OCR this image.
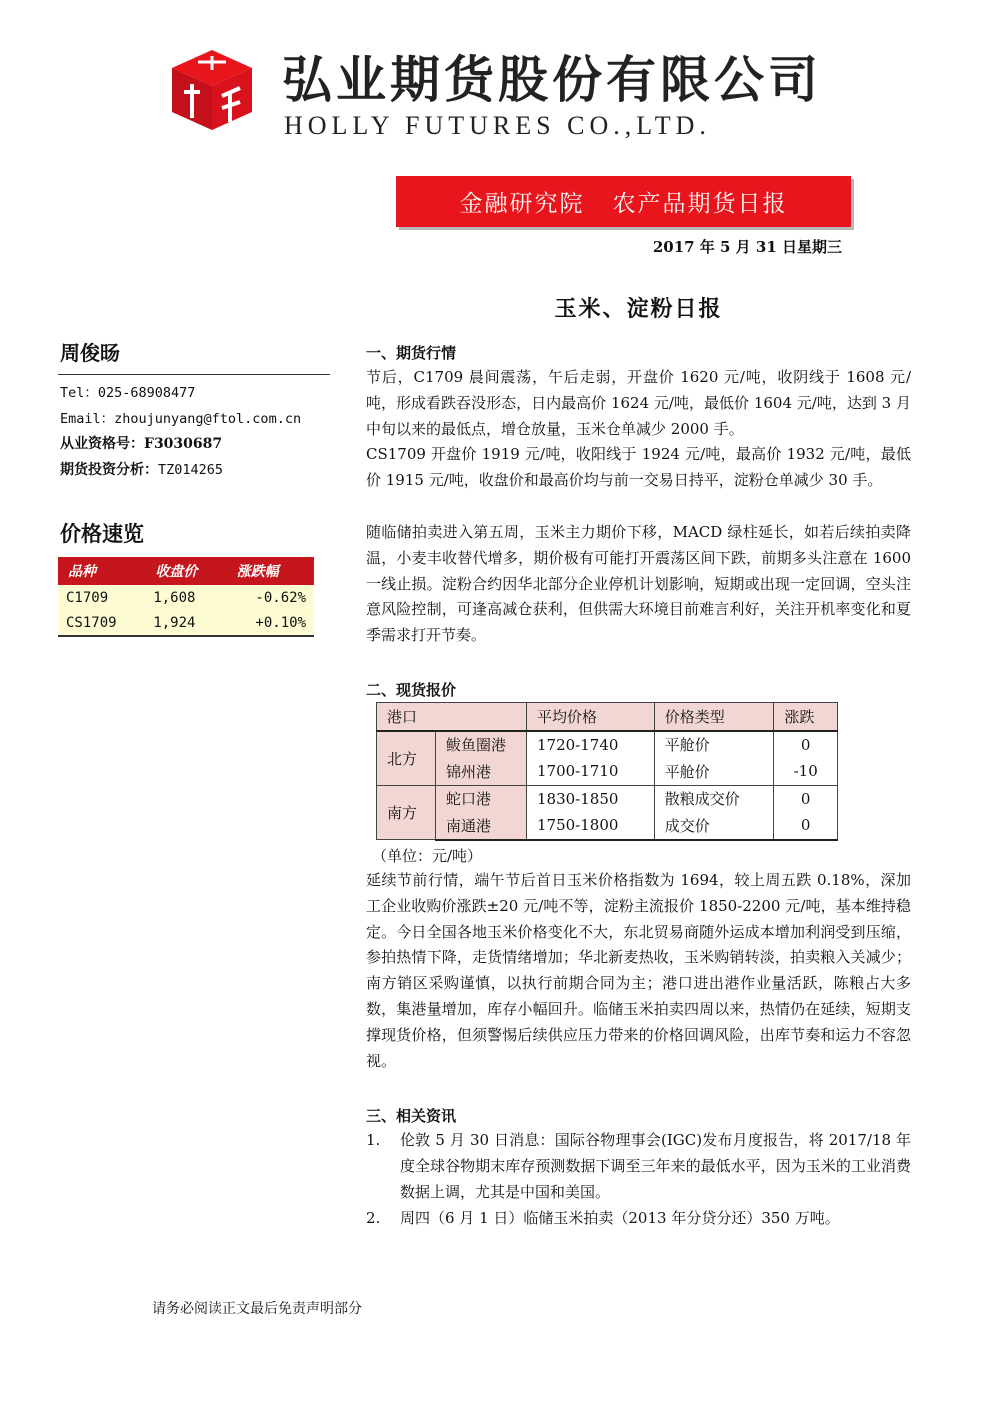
弘业期货股份有限公司
HOLLY FUTURES CO.,LTD.
金融研究院 农产品期货日报
2017 年 5 月 31 日星期三
玉米、淀粉日报
周俊旸
Tel：025-68908477
Email：zhoujunyang@ftol.com.cn
从业资格号：F3030687
期货投资分析：TZ014265
价格速览
品种	收盘价	涨跌幅
C1709	1,608	-0.62%
CS1709	1,924	+0.10%
一、期货行情
节后，C1709 晨间震荡，午后走弱，开盘价 1620 元/吨，收阴线于 1608 元/吨，形成看跌吞没形态，日内最高价 1624 元/吨，最低价 1604 元/吨，达到 3 月中旬以来的最低点，增仓放量，玉米仓单减少 2000 手。
CS1709 开盘价 1919 元/吨，收阳线于 1924 元/吨，最高价 1932 元/吨，最低价 1915 元/吨，收盘价和最高价均与前一交易日持平，淀粉仓单减少 30 手。
随临储拍卖进入第五周，玉米主力期价下移，MACD 绿柱延长，如若后续拍卖降温，小麦丰收替代增多，期价极有可能打开震荡区间下跌，前期多头注意在 1600 一线止损。淀粉合约因华北部分企业停机计划影响，短期或出现一定回调，空头注意风险控制，可逢高减仓获利，但供需大环境目前难言利好，关注开机率变化和夏季需求打开节奏。
二、现货报价
港口		平均价格	价格类型	涨跌
北方	鲅鱼圈港	1720-1740	平舱价	0
	锦州港	1700-1710	平舱价	-10
南方	蛇口港	1830-1850	散粮成交价	0
	南通港	1750-1800	成交价	0
（单位：元/吨）
延续节前行情，端午节后首日玉米价格指数为 1694，较上周五跌 0.18%，深加工企业收购价涨跌±20 元/吨不等，淀粉主流报价 1850-2200 元/吨，基本维持稳定。今日全国各地玉米价格变化不大，东北贸易商随外运成本增加利润受到压缩，参拍热情下降，走货情绪增加；华北新麦热收，玉米购销转淡，拍卖粮入关减少；南方销区采购谨慎，以执行前期合同为主；港口进出港作业量活跃，陈粮占大多数，集港量增加，库存小幅回升。临储玉米拍卖四周以来，热情仍在延续，短期支撑现货价格，但须警惕后续供应压力带来的价格回调风险，出库节奏和运力不容忽视。
三、相关资讯
1. 伦敦 5 月 30 日消息：国际谷物理事会(IGC)发布月度报告，将 2017/18 年度全球谷物期末库存预测数据下调至三年来的最低水平，因为玉米的工业消费数据上调，尤其是中国和美国。
2. 周四（6 月 1 日）临储玉米拍卖（2013 年分贷分还）350 万吨。
请务必阅读正文最后免责声明部分
